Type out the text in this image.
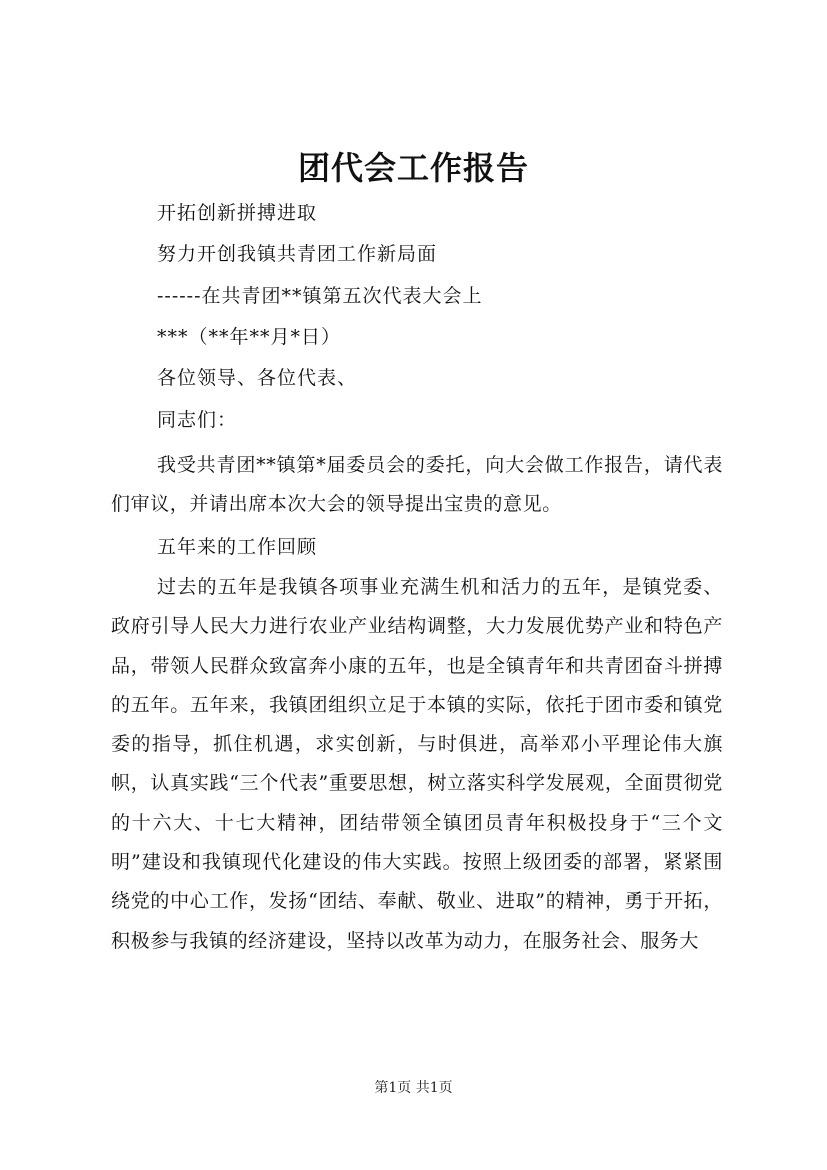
团代会工作报告
开拓创新拼搏进取
努力开创我镇共青团工作新局面
------在共青团**镇第五次代表大会上
***（**年**月*日）
各位领导、各位代表、
同志们：

我受共青团**镇第*届委员会的委托，向大会做工作报告，请代表们审议，并请出席本次大会的领导提出宝贵的意见。

五年来的工作回顾

过去的五年是我镇各项事业充满生机和活力的五年，是镇党委、政府引导人民大力进行农业产业结构调整，大力发展优势产业和特色产品，带领人民群众致富奔小康的五年，也是全镇青年和共青团奋斗拼搏的五年。五年来，我镇团组织立足于本镇的实际，依托于团市委和镇党委的指导，抓住机遇，求实创新，与时俱进，高举邓小平理论伟大旗帜，认真实践“三个代表”重要思想，树立落实科学发展观，全面贯彻党的十六大、十七大精神，团结带领全镇团员青年积极投身于“三个文明”建设和我镇现代化建设的伟大实践。按照上级团委的部署，紧紧围绕党的中心工作，发扬“团结、奉献、敬业、进取”的精神，勇于开拓，积极参与我镇的经济建设，坚持以改革为动力，在服务社会、服务大

第1页 共1页
